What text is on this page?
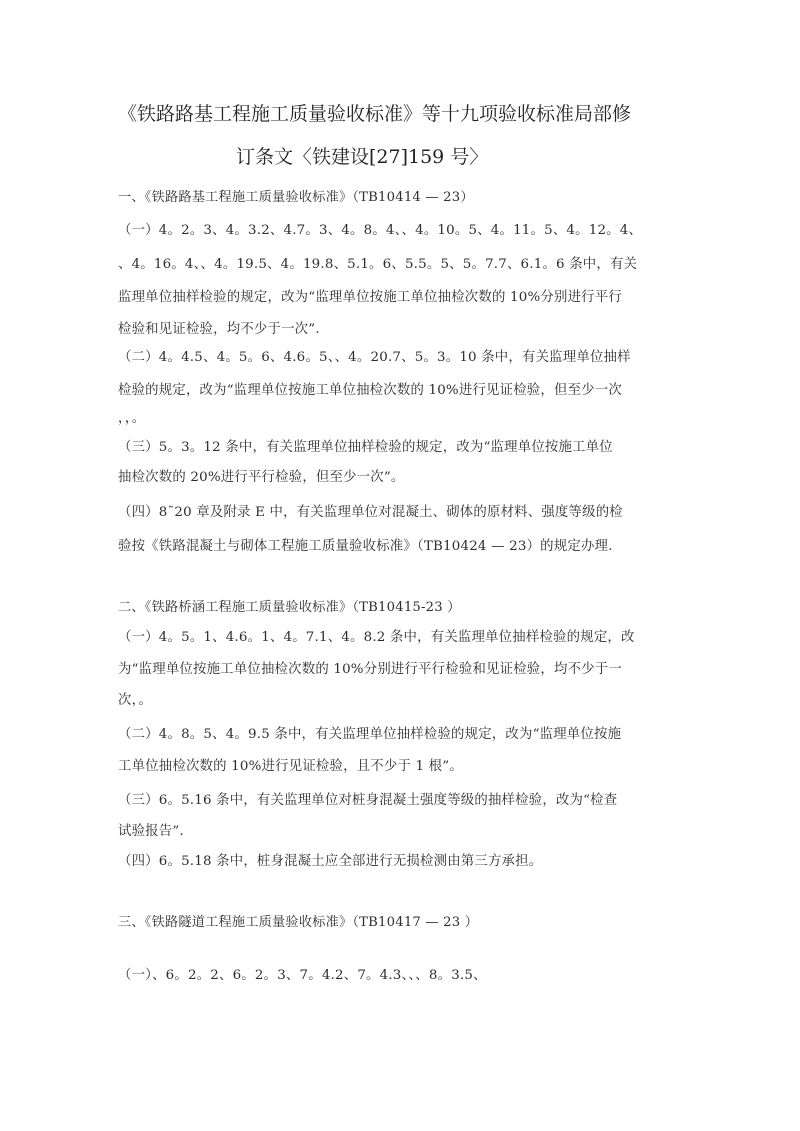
《铁路路基工程施工质量验收标准》等十九项验收标准局部修
订条文〈铁建设[27]159 号〉
一、《铁路路基工程施工质量验收标准》（TB10414 — 23）
（一）4。2。3、4。3.2、4.7。3、4。8。4、、4。10。5、4。11。5、4。12。4、
、4。16。4、、4。19.5、4。19.8、5.1。6、5.5。5、5。7.7、6.1。6 条中，有关
监理单位抽样检验的规定，改为“监理单位按施工单位抽检次数的 10%分别进行平行
检验和见证检验，均不少于一次”.
（二）4。4.5、4。5。6、4.6。5、、4。20.7、5。3。10 条中，有关监理单位抽样
检验的规定，改为“监理单位按施工单位抽检次数的 10%进行见证检验，但至少一次
，，。
（三）5。3。12 条中，有关监理单位抽样检验的规定，改为“监理单位按施工单位
抽检次数的 20%进行平行检验，但至少一次”。
（四）8˜20 章及附录 E 中，有关监理单位对混凝土、砌体的原材料、强度等级的检
验按《铁路混凝土与砌体工程施工质量验收标准》（TB10424 — 23）的规定办理.
二、《铁路桥涵工程施工质量验收标准》（TB10415-23 ）
（一）4。5。1、4.6。1、4。7.1、4。8.2 条中，有关监理单位抽样检验的规定，改
为“监理单位按施工单位抽检次数的 10%分别进行平行检验和见证检验，均不少于一
次，。
（二）4。8。5、4。9.5 条中，有关监理单位抽样检验的规定，改为“监理单位按施
工单位抽检次数的 10%进行见证检验，且不少于 1 根”。
（三）6。5.16 条中，有关监理单位对桩身混凝土强度等级的抽样检验，改为“检查
试验报告”.
（四）6。5.18 条中，桩身混凝土应全部进行无损检测由第三方承担。
三、《铁路隧道工程施工质量验收标准》（TB10417 — 23 ）
（一）、6。2。2、6。2。3、7。4.2、7。4.3、、、8。3.5、
